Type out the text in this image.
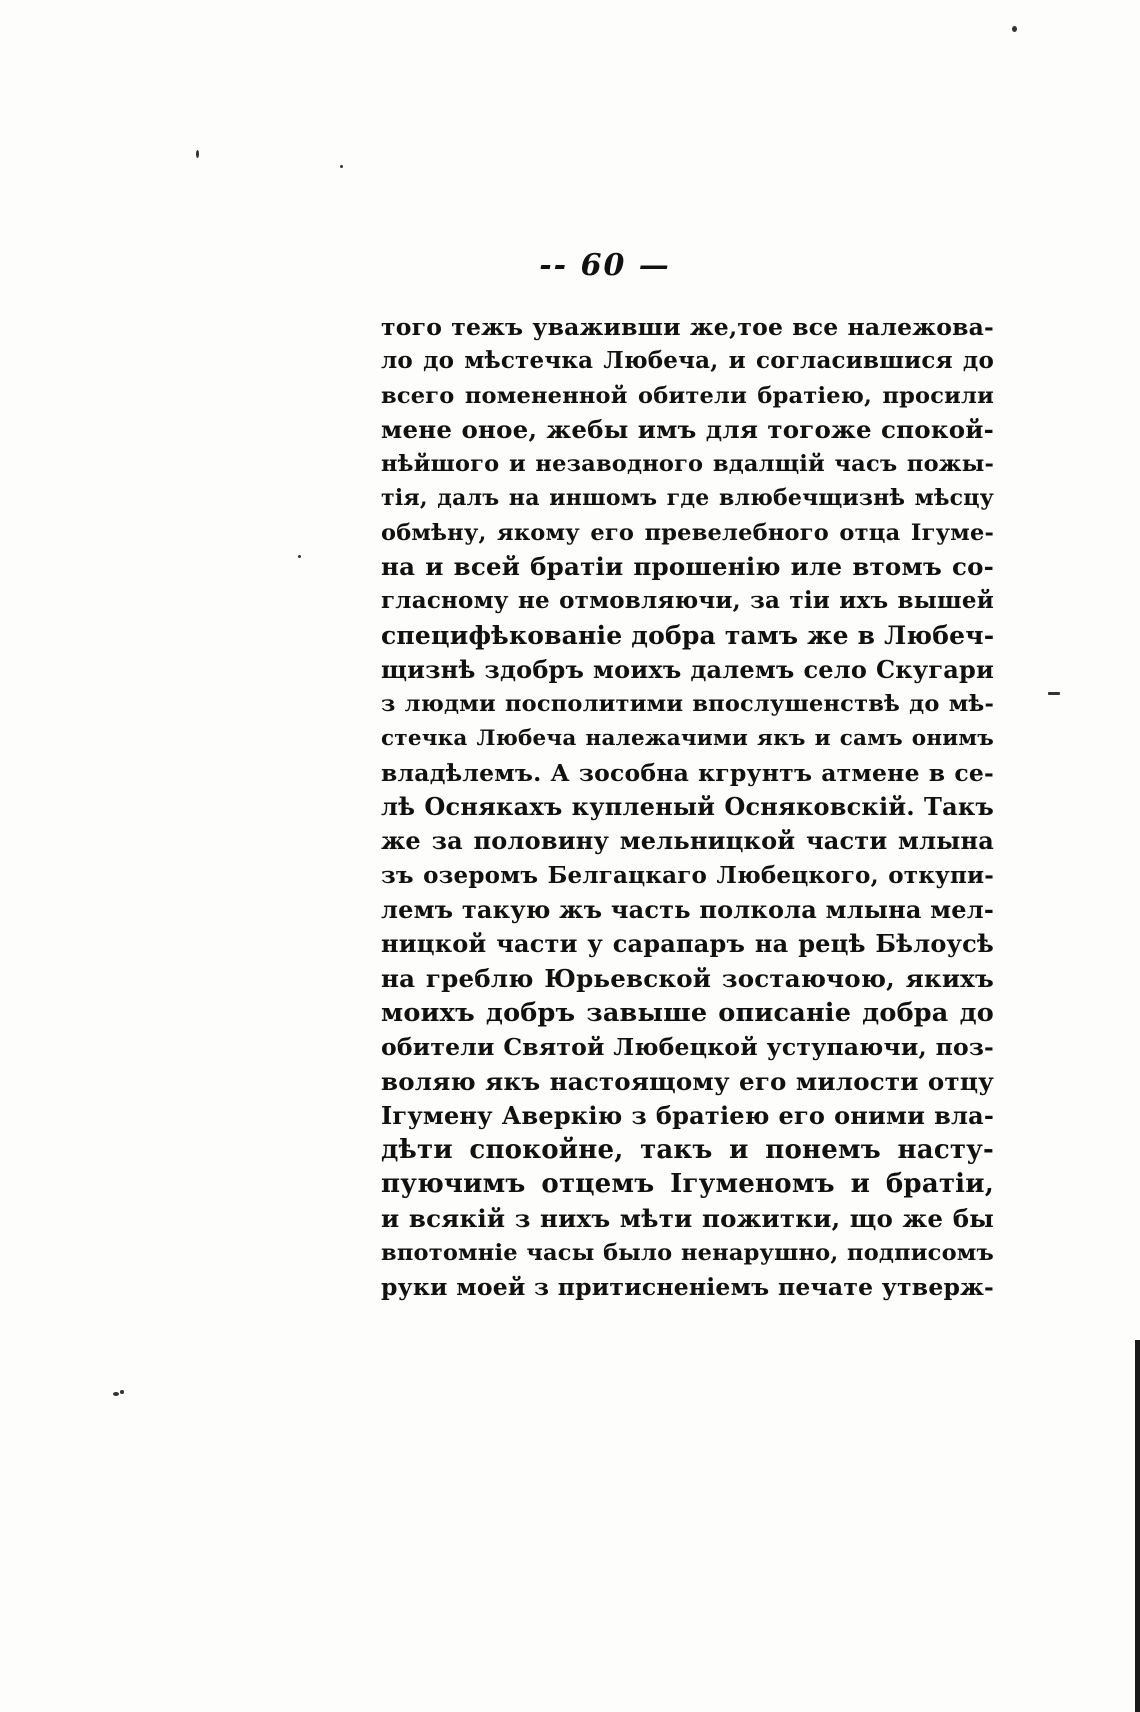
-- 60 —
того тежъ уваживши же,тое все належова-
ло до мѣстечка Любеча, и согласившися до
всего помененной обители братіею, просили
мене оное, жебы имъ для тогоже спокой-
нѣйшого и незаводного вдалщій часъ пожы-
тія, далъ на иншомъ где влюбечщизнѣ мѣсцу
обмѣну, якому его превелебного отца Ігуме-
на и всей братіи прошенію иле втомъ со-
гласному не отмовляючи, за тіи ихъ вышей
специфѣкованіе добра тамъ же в Любеч-
щизнѣ здобръ моихъ далемъ село Скугари
з людми посполитими впослушенствѣ до мѣ-
стечка Любеча належачими якъ и самъ онимъ
владѣлемъ. А зособна кгрунтъ атмене в се-
лѣ Оснякахъ купленый Осняковскій. Такъ
же за половину мельницкой части млына
зъ озеромъ Белгацкаго Любецкого, откупи-
лемъ такую жъ часть полкола млына мел-
ницкой части у сарапаръ на рецѣ Бѣлоусѣ
на греблю Юрьевской зостаючою, якихъ
моихъ добръ завыше описаніе добра до
обители Святой Любецкой уступаючи, поз-
воляю якъ настоящому его милости отцу
Ігумену Аверкію з братіею его оними вла-
дѣти спокойне, такъ и понемъ насту-
пуючимъ отцемъ Ігуменомъ и братіи,
и всякій з нихъ мѣти пожитки, що же бы
впотомніе часы было ненарушно, подписомъ
руки моей з притисненіемъ печате утверж-
